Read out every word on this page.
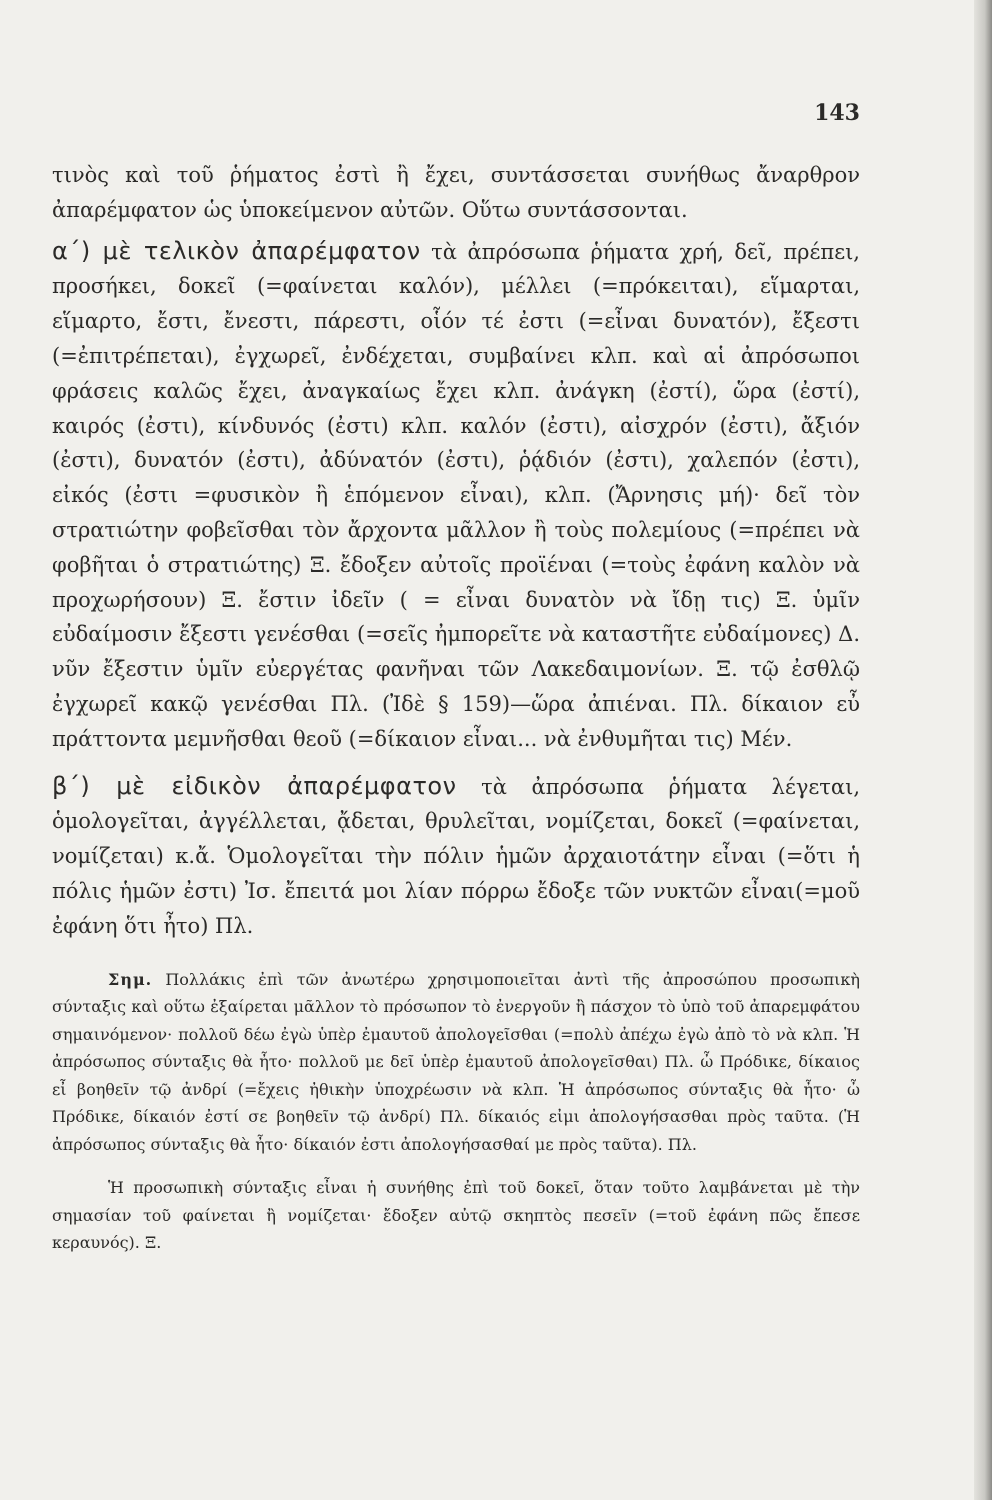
143

τινὸς καὶ τοῦ ῥήματος ἐστὶ ἢ ἔχει, συντάσσεται συνήθως ἄναρθρον ἀπαρέμφατον ὡς ὑποκείμενον αὐτῶν. Οὕτω συντάσσονται.

α΄) μὲ τελικὸν ἀπαρέμφατον τὰ ἀπρόσωπα ῥήματα χρή, δεῖ, πρέπει, προσήκει, δοκεῖ (=φαίνεται καλόν), μέλλει (=πρόκειται), εἵμαρται, εἵμαρτο, ἔστι, ἔνεστι, πάρεστι, οἷόν τέ ἐστι (=εἶναι δυνατόν), ἔξεστι (=ἐπιτρέπεται), ἐγχωρεῖ, ἐνδέχεται, συμβαίνει κλπ. καὶ αἱ ἀπρόσωποι φράσεις καλῶς ἔχει, ἀναγκαίως ἔχει κλπ. ἀνάγκη (ἐστί), ὥρα (ἐστί), καιρός (ἐστι), κίνδυνός (ἐστι) κλπ. καλόν (ἐστι), αἰσχρόν (ἐστι), ἄξιόν (ἐστι), δυνατόν (ἐστι), ἀδύνατόν (ἐστι), ῥᾴδιόν (ἐστι), χαλεπόν (ἐστι), εἰκός (ἐστι =φυσικὸν ἢ ἑπόμενον εἶναι), κλπ. (Ἄρνησις μή)· δεῖ τὸν στρατιώτην φοβεῖσθαι τὸν ἄρχοντα μᾶλλον ἢ τοὺς πολεμίους (=πρέπει νὰ φοβῆται ὁ στρατιώτης) Ξ. ἔδοξεν αὐτοῖς προϊέναι (=τοὺς ἐφάνη καλὸν νὰ προχωρήσουν) Ξ. ἔστιν ἰδεῖν ( = εἶναι δυνατὸν νὰ ἴδῃ τις) Ξ. ὑμῖν εὐδαίμοσιν ἔξεστι γενέσθαι (=σεῖς ἠμπορεῖτε νὰ καταστῆτε εὐδαίμονες) Δ. νῦν ἔξεστιν ὑμῖν εὐεργέτας φανῆναι τῶν Λακεδαιμονίων. Ξ. τῷ ἐσθλῷ ἐγχωρεῖ κακῷ γενέσθαι Πλ. (Ἰδὲ § 159)—ὥρα ἀπιέναι. Πλ. δίκαιον εὖ πράττοντα μεμνῆσθαι θεοῦ (=δίκαιον εἶναι... νὰ ἐνθυμῆται τις) Μέν.

β΄) μὲ εἰδικὸν ἀπαρέμφατον τὰ ἀπρόσωπα ῥήματα λέγεται, ὁμολογεῖται, ἀγγέλλεται, ᾄδεται, θρυλεῖται, νομίζεται, δοκεῖ (=φαίνεται, νομίζεται) κ.ἄ. Ὁμολογεῖται τὴν πόλιν ἡμῶν ἀρχαιοτάτην εἶναι (=ὅτι ἡ πόλις ἡμῶν ἐστι) Ἰσ. ἔπειτά μοι λίαν πόρρω ἔδοξε τῶν νυκτῶν εἶναι(=μοῦ ἐφάνη ὅτι ἦτο) Πλ.

Σημ. Πολλάκις ἐπὶ τῶν ἀνωτέρω χρησιμοποιεῖται ἀντὶ τῆς ἀπροσώπου προσωπικὴ σύνταξις καὶ οὕτω ἐξαίρεται μᾶλλον τὸ πρόσωπον τὸ ἐνεργοῦν ἢ πάσχον τὸ ὑπὸ τοῦ ἀπαρεμφάτου σημαινόμενον· πολλοῦ δέω ἐγὼ ὑπὲρ ἐμαυτοῦ ἀπολογεῖσθαι (=πολὺ ἀπέχω ἐγὼ ἀπὸ τὸ νὰ κλπ. Ἡ ἀπρόσωπος σύνταξις θὰ ἦτο· πολλοῦ με δεῖ ὑπὲρ ἐμαυτοῦ ἀπολογεῖσθαι) Πλ. ὦ Πρόδικε, δίκαιος εἶ βοηθεῖν τῷ ἀνδρί (=ἔχεις ἠθικὴν ὑποχρέωσιν νὰ κλπ. Ἡ ἀπρόσωπος σύνταξις θὰ ἦτο· ὦ Πρόδικε, δίκαιόν ἐστί σε βοηθεῖν τῷ ἀνδρί) Πλ. δίκαιός εἰμι ἀπολογήσασθαι πρὸς ταῦτα. (Ἡ ἀπρόσωπος σύνταξις θὰ ἦτο· δίκαιόν ἐστι ἀπολογήσασθαί με πρὸς ταῦτα). Πλ.

Ἡ προσωπικὴ σύνταξις εἶναι ἡ συνήθης ἐπὶ τοῦ δοκεῖ, ὅταν τοῦτο λαμβάνεται μὲ τὴν σημασίαν τοῦ φαίνεται ἢ νομίζεται· ἔδοξεν αὐτῷ σκηπτὸς πεσεῖν (=τοῦ ἐφάνη πῶς ἔπεσε κεραυνός). Ξ.
